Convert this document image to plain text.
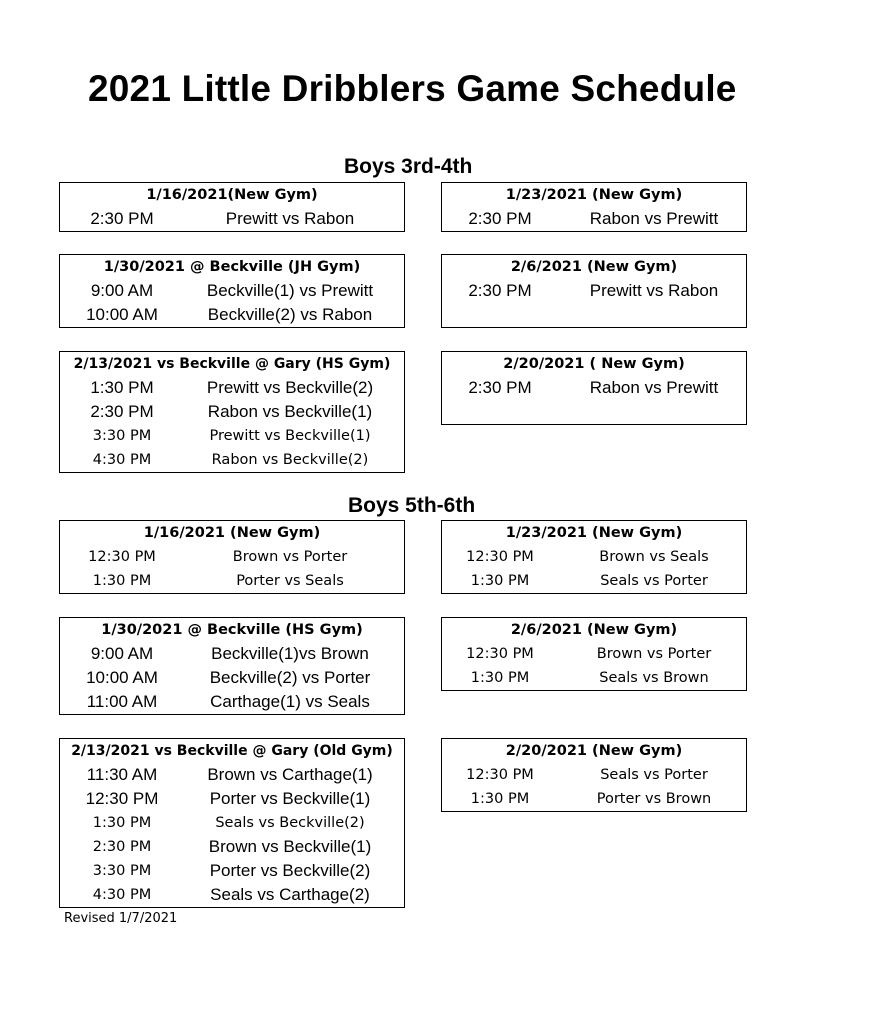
2021 Little Dribblers Game Schedule
Boys 3rd-4th
Boys 5th-6th
1/16/2021(New Gym)
2:30 PM	Prewitt vs Rabon
1/23/2021 (New Gym)
2:30 PM	Rabon vs Prewitt
1/30/2021 @ Beckville (JH Gym)
9:00 AM	Beckville(1) vs Prewitt
10:00 AM	Beckville(2) vs Rabon
2/6/2021 (New Gym)
2:30 PM	Prewitt vs Rabon
2/13/2021 vs Beckville @ Gary (HS Gym)
1:30 PM	Prewitt vs Beckville(2)
2:30 PM	Rabon vs Beckville(1)
3:30 PM	Prewitt vs Beckville(1)
4:30 PM	Rabon vs Beckville(2)
2/20/2021 ( New Gym)
2:30 PM	Rabon vs Prewitt
1/16/2021 (New Gym)
12:30 PM	Brown vs Porter
1:30 PM	Porter vs Seals
1/23/2021 (New Gym)
12:30 PM	Brown vs Seals
1:30 PM	Seals vs Porter
1/30/2021 @ Beckville (HS Gym)
9:00 AM	Beckville(1)vs Brown
10:00 AM	Beckville(2) vs Porter
11:00 AM	Carthage(1) vs Seals
2/6/2021 (New Gym)
12:30 PM	Brown vs Porter
1:30 PM	Seals vs Brown
2/13/2021 vs Beckville @ Gary (Old Gym)
11:30 AM	Brown vs Carthage(1)
12:30 PM	Porter vs Beckville(1)
1:30 PM	Seals vs Beckville(2)
2:30 PM	Brown vs Beckville(1)
3:30 PM	Porter vs Beckville(2)
4:30 PM	Seals vs Carthage(2)
2/20/2021 (New Gym)
12:30 PM	Seals vs Porter
1:30 PM	Porter vs Brown
Revised 1/7/2021
